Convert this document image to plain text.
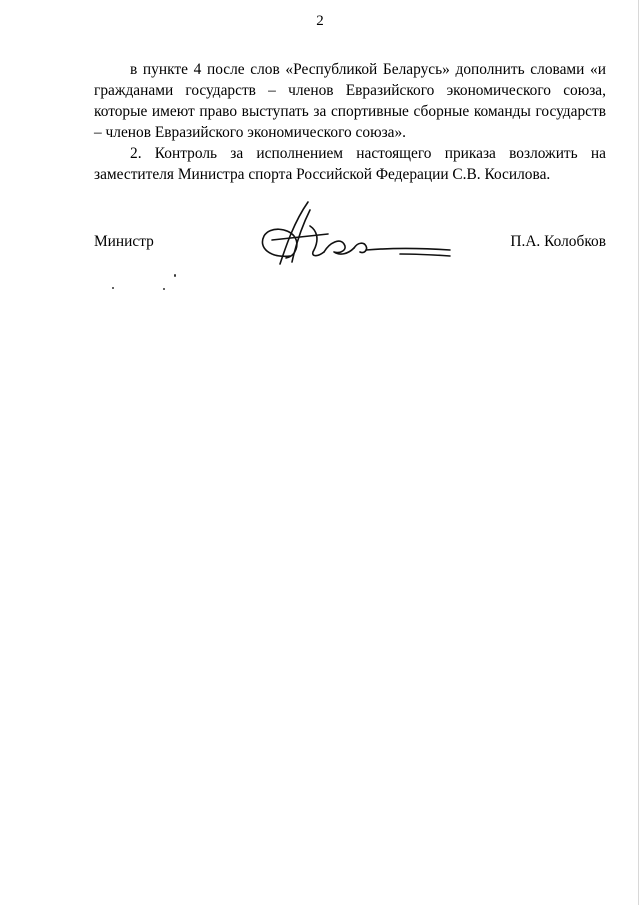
2

в пункте 4 после слов «Республикой Беларусь» дополнить словами «и гражданами государств – членов Евразийского экономического союза, которые имеют право выступать за спортивные сборные команды государств – членов Евразийского экономического союза».

2. Контроль за исполнением настоящего приказа возложить на заместителя Министра спорта Российской Федерации С.В. Косилова.

Министр	П.А. Колобков
